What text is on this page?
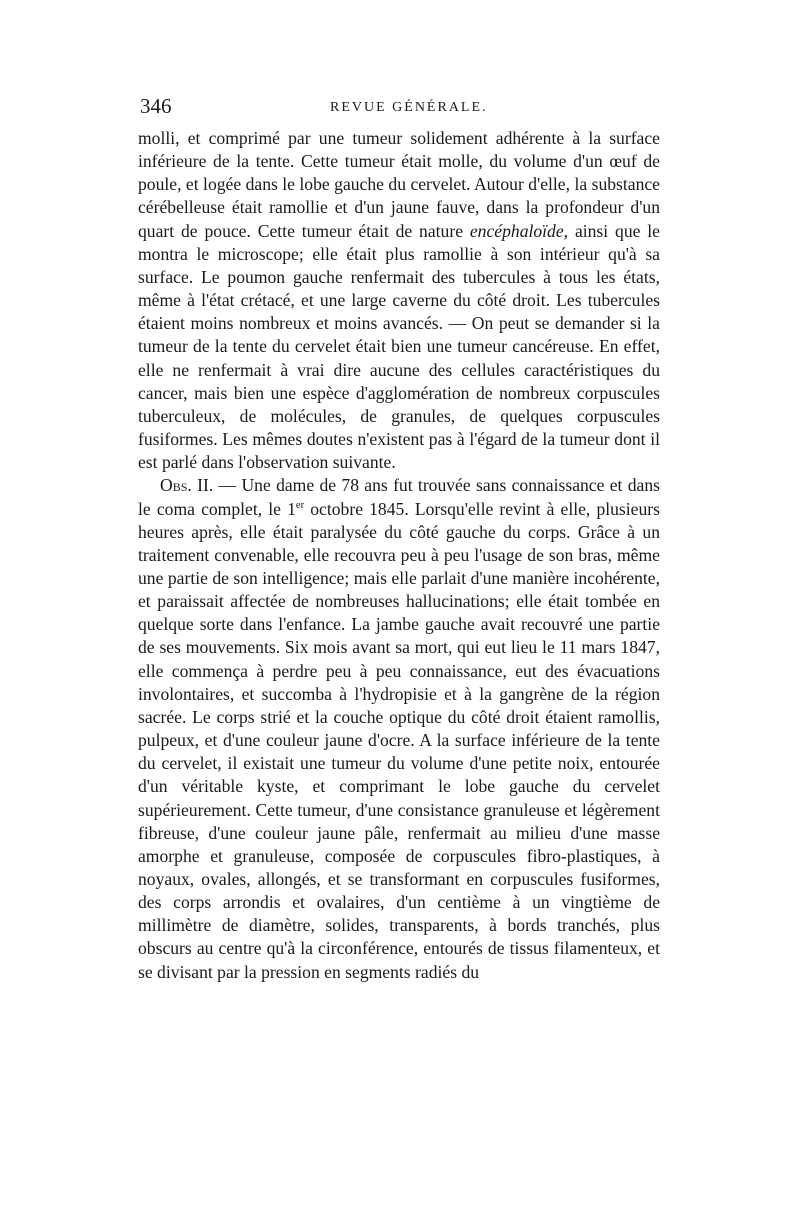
346	REVUE GÉNÉRALE.

molli, et comprimé par une tumeur solidement adhérente à la surface inférieure de la tente. Cette tumeur était molle, du volume d'un œuf de poule, et logée dans le lobe gauche du cervelet. Autour d'elle, la substance cérébelleuse était ramollie et d'un jaune fauve, dans la profondeur d'un quart de pouce. Cette tumeur était de nature encéphaloïde, ainsi que le montra le microscope; elle était plus ramollie à son intérieur qu'à sa surface. Le poumon gauche renfermait des tubercules à tous les états, même à l'état crétacé, et une large caverne du côté droit. Les tubercules étaient moins nombreux et moins avancés. — On peut se demander si la tumeur de la tente du cervelet était bien une tumeur cancéreuse. En effet, elle ne renfermait à vrai dire aucune des cellules caractéristiques du cancer, mais bien une espèce d'agglomération de nombreux corpuscules tuberculeux, de molécules, de granules, de quelques corpuscules fusiformes. Les mêmes doutes n'existent pas à l'égard de la tumeur dont il est parlé dans l'observation suivante.

Obs. II. — Une dame de 78 ans fut trouvée sans connaissance et dans le coma complet, le 1er octobre 1845. Lorsqu'elle revint à elle, plusieurs heures après, elle était paralysée du côté gauche du corps. Grâce à un traitement convenable, elle recouvra peu à peu l'usage de son bras, même une partie de son intelligence; mais elle parlait d'une manière incohérente, et paraissait affectée de nombreuses hallucinations; elle était tombée en quelque sorte dans l'enfance. La jambe gauche avait recouvré une partie de ses mouvements. Six mois avant sa mort, qui eut lieu le 11 mars 1847, elle commença à perdre peu à peu connaissance, eut des évacuations involontaires, et succomba à l'hydropisie et à la gangrène de la région sacrée. Le corps strié et la couche optique du côté droit étaient ramollis, pulpeux, et d'une couleur jaune d'ocre. A la surface inférieure de la tente du cervelet, il existait une tumeur du volume d'une petite noix, entourée d'un véritable kyste, et comprimant le lobe gauche du cervelet supérieurement. Cette tumeur, d'une consistance granuleuse et légèrement fibreuse, d'une couleur jaune pâle, renfermait au milieu d'une masse amorphe et granuleuse, composée de corpuscules fibro-plastiques, à noyaux, ovales, allongés, et se transformant en corpuscules fusiformes, des corps arrondis et ovalaires, d'un centième à un vingtième de millimètre de diamètre, solides, transparents, à bords tranchés, plus obscurs au centre qu'à la circonférence, entourés de tissus filamenteux, et se divisant par la pression en segments radiés du
